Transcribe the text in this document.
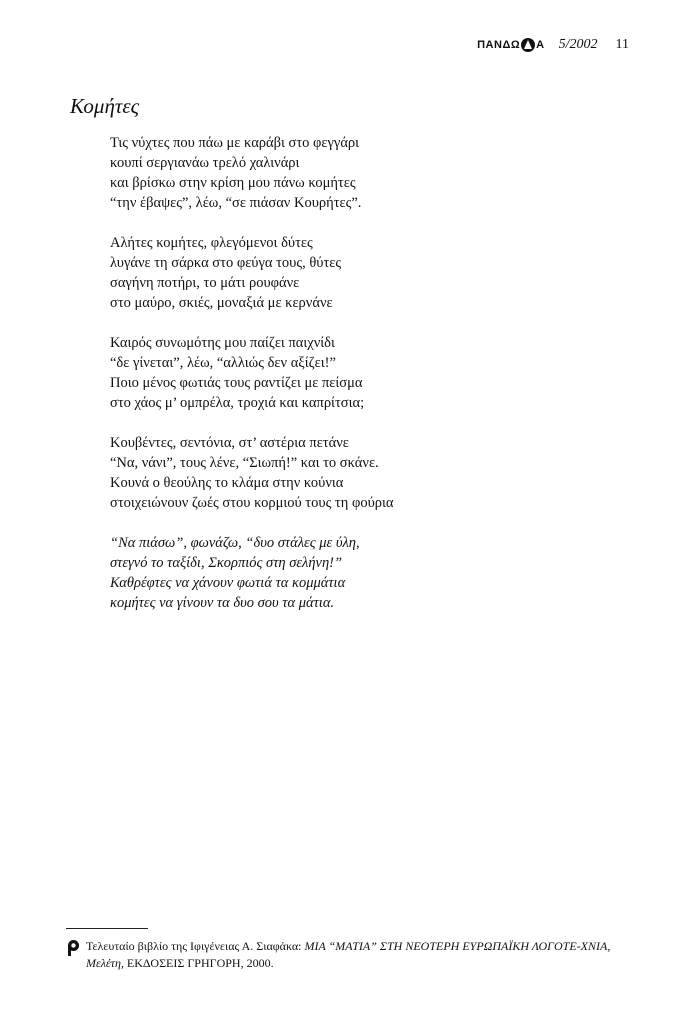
ΠΑΝΔΩ Α 5/2002 11
Κομήτες
Τις νύχτες που πάω με καράβι στο φεγγάρι
κουπί σεργιανάω τρελό χαλινάρι
και βρίσκω στην κρίση μου πάνω κομήτες
“την έβαψες”, λέω, “σε πιάσαν Κουρήτες”.
Αλήτες κομήτες, φλεγόμενοι δύτες
λυγάνε τη σάρκα στο φεύγα τους, θύτες
σαγήνη ποτήρι, το μάτι ρουφάνε
στο μαύρο, σκιές, μοναξιά με κερνάνε
Καιρός συνωμότης μου παίζει παιχνίδι
“δε γίνεται”, λέω, “αλλιώς δεν αξίζει!”
Ποιο μένος φωτιάς τους ραντίζει με πείσμα
στο χάος μ’ ομπρέλα, τροχιά και καπρίτσια;
Κουβέντες, σεντόνια, στ’ αστέρια πετάνε
“Να, νάνι”, τους λένε, “Σιωπή!” και το σκάνε.
Κουνά ο θεούλης το κλάμα στην κούνια
στοιχειώνουν ζωές στου κορμιού τους τη φούρια
“Να πιάσω”, φωνάζω, “δυο στάλες με ύλη,
στεγνό το ταξίδι, Σκορπιός στη σελήνη!”
Καθρέφτες να χάνουν φωτιά τα κομμάτια
κομήτες να γίνουν τα δυο σου τα μάτια.
Τελευταίο βιβλίο της Ιφιγένειας Α. Σιαφάκα: ΜΙΑ “ΜΑΤΙΑ” ΣΤΗ ΝΕΟΤΕΡΗ ΕΥΡΩΠΑΪΚΗ ΛΟΓΟΤΕ-ΧΝΙΑ, Μελέτη, ΕΚΔΟΣΕΙΣ ΓΡΗΓΟΡΗ, 2000.
